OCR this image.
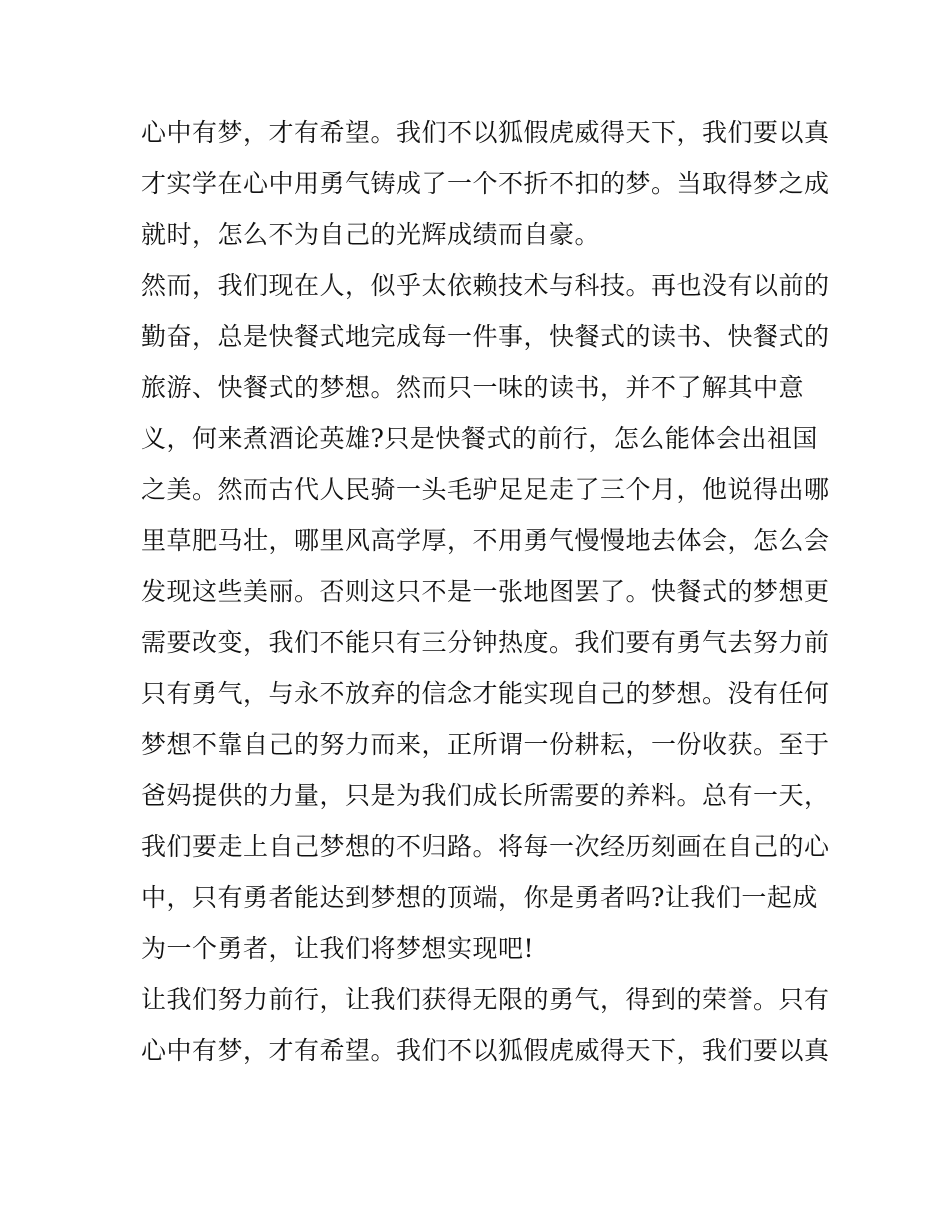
心中有梦，才有希望。我们不以狐假虎威得天下，我们要以真
才实学在心中用勇气铸成了一个不折不扣的梦。当取得梦之成
就时，怎么不为自己的光辉成绩而自豪。

然而，我们现在人，似乎太依赖技术与科技。再也没有以前的
勤奋，总是快餐式地完成每一件事，快餐式的读书、快餐式的
旅游、快餐式的梦想。然而只一味的读书，并不了解其中意
义，何来煮酒论英雄?只是快餐式的前行，怎么能体会出祖国
之美。然而古代人民骑一头毛驴足足走了三个月，他说得出哪
里草肥马壮，哪里风高学厚，不用勇气慢慢地去体会，怎么会
发现这些美丽。否则这只不是一张地图罢了。快餐式的梦想更
需要改变，我们不能只有三分钟热度。我们要有勇气去努力前

只有勇气，与永不放弃的信念才能实现自己的梦想。没有任何
梦想不靠自己的努力而来，正所谓一份耕耘，一份收获。至于
爸妈提供的力量，只是为我们成长所需要的养料。总有一天，
我们要走上自己梦想的不归路。将每一次经历刻画在自己的心
中，只有勇者能达到梦想的顶端，你是勇者吗?让我们一起成
为一个勇者，让我们将梦想实现吧!

让我们努力前行，让我们获得无限的勇气，得到的荣誉。只有
心中有梦，才有希望。我们不以狐假虎威得天下，我们要以真
